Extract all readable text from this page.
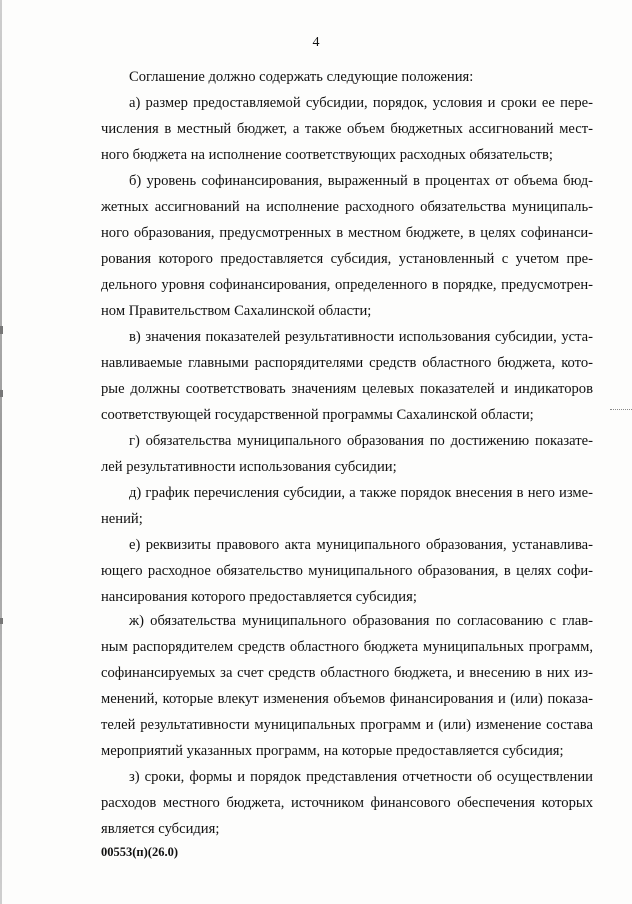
4
Соглашение должно содержать следующие положения:
а) размер предоставляемой субсидии, порядок, условия и сроки ее пере-
числения в местный бюджет, а также объем бюджетных ассигнований мест-
ного бюджета на исполнение соответствующих расходных обязательств;
б) уровень софинансирования, выраженный в процентах от объема бюд-
жетных ассигнований на исполнение расходного обязательства муниципаль-
ного образования, предусмотренных в местном бюджете, в целях софинанси-
рования которого предоставляется субсидия, установленный с учетом пре-
дельного уровня софинансирования, определенного в порядке, предусмотрен-
ном Правительством Сахалинской области;
в) значения показателей результативности использования субсидии, уста-
навливаемые главными распорядителями средств областного бюджета, кото-
рые должны соответствовать значениям целевых показателей и индикаторов
соответствующей государственной программы Сахалинской области;
г) обязательства муниципального образования по достижению показате-
лей результативности использования субсидии;
д) график перечисления субсидии, а также порядок внесения в него изме-
нений;
е) реквизиты правового акта муниципального образования, устанавлива-
ющего расходное обязательство муниципального образования, в целях софи-
нансирования которого предоставляется субсидия;
ж) обязательства муниципального образования по согласованию с глав-
ным распорядителем средств областного бюджета муниципальных программ,
софинансируемых за счет средств областного бюджета, и внесению в них из-
менений, которые влекут изменения объемов финансирования и (или) показа-
телей результативности муниципальных программ и (или) изменение состава
мероприятий указанных программ, на которые предоставляется субсидия;
з) сроки, формы и порядок представления отчетности об осуществлении
расходов местного бюджета, источником финансового обеспечения которых
является субсидия;
00553(п)(26.0)
